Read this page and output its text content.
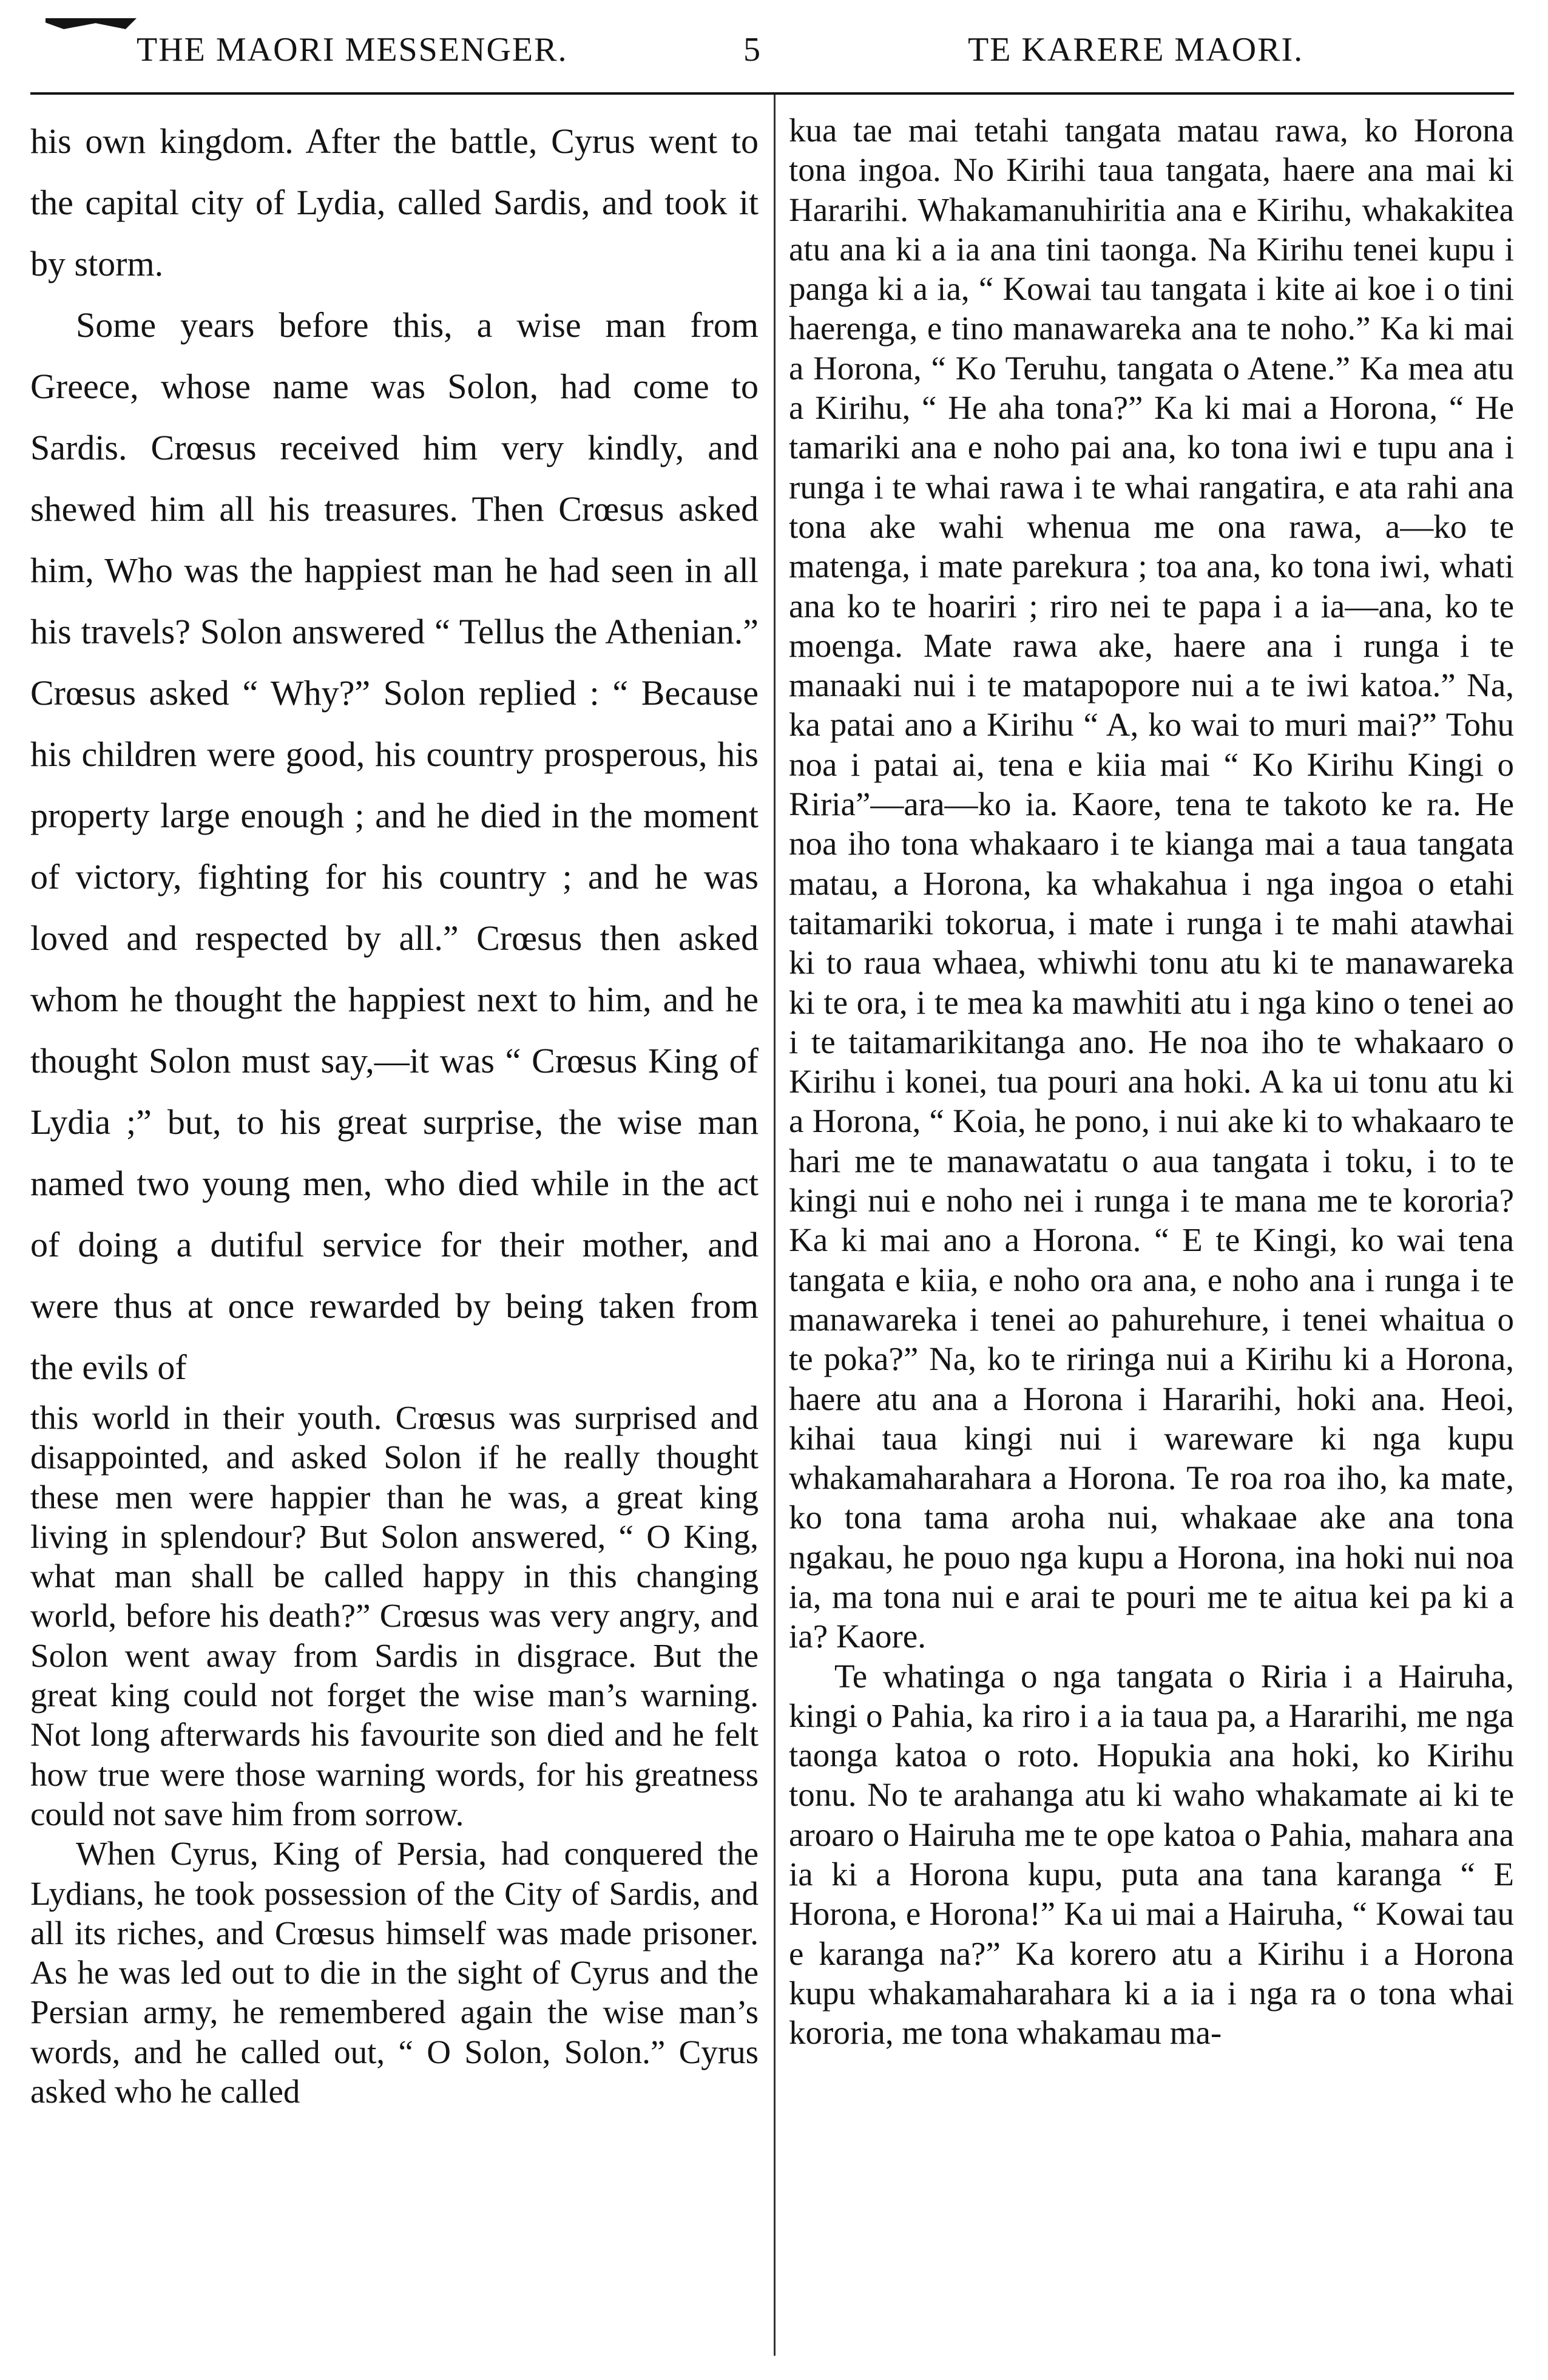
THE MAORI MESSENGER.	5	TE KARERE MAORI.

his own kingdom. After the battle, Cyrus went to the capital city of Lydia, called Sardis, and took it by storm.

Some years before this, a wise man from Greece, whose name was Solon, had come to Sardis. Crœsus received him very kindly, and shewed him all his treasures. Then Crœsus asked him, Who was the happiest man he had seen in all his travels? Solon answered “ Tellus the Athenian.” Crœsus asked “ Why?” Solon replied : “ Because his children were good, his country prosperous, his property large enough ; and he died in the moment of victory, fighting for his country ; and he was loved and respected by all.” Crœsus then asked whom he thought the happiest next to him, and he thought Solon must say,—it was “ Crœsus King of Lydia ;” but, to his great surprise, the wise man named two young men, who died while in the act of doing a dutiful service for their mother, and were thus at once rewarded by being taken from the evils of

this world in their youth. Crœsus was surprised and disappointed, and asked Solon if he really thought these men were happier than he was, a great king living in splendour? But Solon answered, “ O King, what man shall be called happy in this changing world, before his death?” Crœsus was very angry, and Solon went away from Sardis in disgrace. But the great king could not forget the wise man’s warning. Not long afterwards his favourite son died and he felt how true were those warning words, for his greatness could not save him from sorrow.

When Cyrus, King of Persia, had conquered the Lydians, he took possession of the City of Sardis, and all its riches, and Crœsus himself was made prisoner. As he was led out to die in the sight of Cyrus and the Persian army, he remembered again the wise man’s words, and he called out, “ O Solon, Solon.” Cyrus asked who he called

kua tae mai tetahi tangata matau rawa, ko Horona tona ingoa. No Kirihi taua tangata, haere ana mai ki Hararihi. Whakamanuhiritia ana e Kirihu, whakakitea atu ana ki a ia ana tini taonga. Na Kirihu tenei kupu i panga ki a ia, “ Kowai tau tangata i kite ai koe i o tini haerenga, e tino manawareka ana te noho.” Ka ki mai a Horona, “ Ko Teruhu, tangata o Atene.” Ka mea atu a Kirihu, “ He aha tona?” Ka ki mai a Horona, “ He tamariki ana e noho pai ana, ko tona iwi e tupu ana i runga i te whai rawa i te whai rangatira, e ata rahi ana tona ake wahi whenua me ona rawa, a—ko te matenga, i mate parekura ; toa ana, ko tona iwi, whati ana ko te hoariri ; riro nei te papa i a ia—ana, ko te moenga. Mate rawa ake, haere ana i runga i te manaaki nui i te matapopore nui a te iwi katoa.” Na, ka patai ano a Kirihu “ A, ko wai to muri mai?” Tohu noa i patai ai, tena e kiia mai “ Ko Kirihu Kingi o Riria”—ara—ko ia. Kaore, tena te takoto ke ra. He noa iho tona whakaaro i te kianga mai a taua tangata matau, a Horona, ka whakahua i nga ingoa o etahi taitamariki tokorua, i mate i runga i te mahi atawhai ki to raua whaea, whiwhi tonu atu ki te manawareka ki te ora, i te mea ka mawhiti atu i nga kino o tenei ao i te taitamarikitanga ano. He noa iho te whakaaro o Kirihu i konei, tua pouri ana hoki. A ka ui tonu atu ki a Horona, “ Koia, he pono, i nui ake ki to whakaaro te hari me te manawatatu o aua tangata i toku, i to te kingi nui e noho nei i runga i te mana me te kororia? Ka ki mai ano a Horona. “ E te Kingi, ko wai tena tangata e kiia, e noho ora ana, e noho ana i runga i te manawareka i tenei ao pahurehure, i tenei whaitua o te poka?” Na, ko te riringa nui a Kirihu ki a Horona, haere atu ana a Horona i Hararihi, hoki ana. Heoi, kihai taua kingi nui i wareware ki nga kupu whakamaharahara a Horona. Te roa roa iho, ka mate, ko tona tama aroha nui, whakaae ake ana tona ngakau, he pouo nga kupu a Horona, ina hoki nui noa ia, ma tona nui e arai te pouri me te aitua kei pa ki a ia? Kaore.

Te whatinga o nga tangata o Riria i a Hairuha, kingi o Pahia, ka riro i a ia taua pa, a Hararihi, me nga taonga katoa o roto. Hopukia ana hoki, ko Kirihu tonu. No te arahanga atu ki waho whakamate ai ki te aroaro o Hairuha me te ope katoa o Pahia, mahara ana ia ki a Horona kupu, puta ana tana karanga “ E Horona, e Horona!” Ka ui mai a Hairuha, “ Kowai tau e karanga na?” Ka korero atu a Kirihu i a Horona kupu whakamaharahara ki a ia i nga ra o tona whai kororia, me tona whakamau ma-
